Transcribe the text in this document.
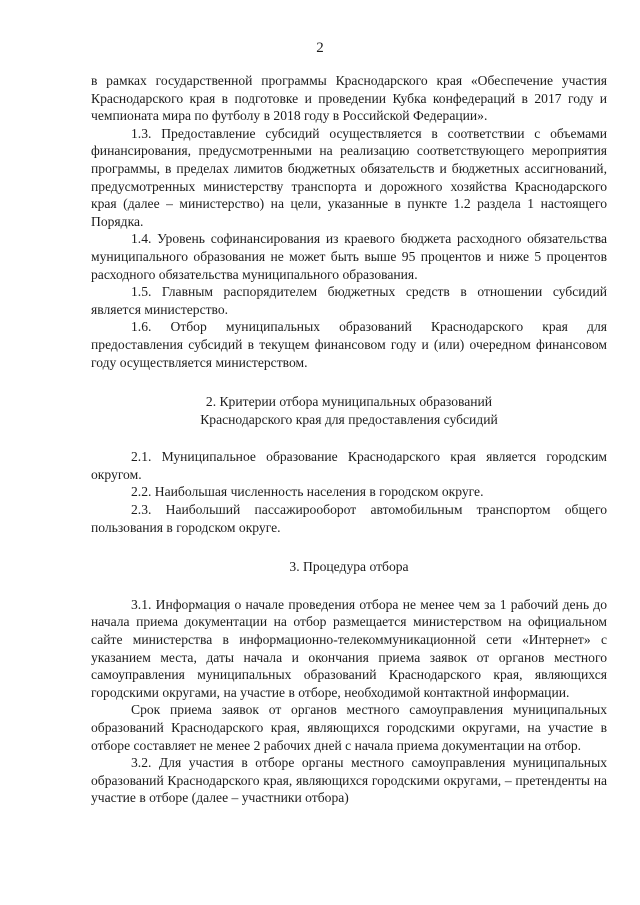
2

в рамках государственной программы Краснодарского края «Обеспечение участия Краснодарского края в подготовке и проведении Кубка конфедераций в 2017 году и чемпионата мира по футболу в 2018 году в Российской Федерации».

1.3. Предоставление субсидий осуществляется в соответствии с объемами финансирования, предусмотренными на реализацию соответствующего мероприятия программы, в пределах лимитов бюджетных обязательств и бюджетных ассигнований, предусмотренных министерству транспорта и дорожного хозяйства Краснодарского края (далее – министерство) на цели, указанные в пункте 1.2 раздела 1 настоящего Порядка.

1.4. Уровень софинансирования из краевого бюджета расходного обязательства муниципального образования не может быть выше 95 процентов и ниже 5 процентов расходного обязательства муниципального образования.

1.5. Главным распорядителем бюджетных средств в отношении субсидий является министерство.

1.6. Отбор муниципальных образований Краснодарского края для предоставления субсидий в текущем финансовом году и (или) очередном финансовом году осуществляется министерством.

2. Критерии отбора муниципальных образований

Краснодарского края для предоставления субсидий

2.1. Муниципальное образование Краснодарского края является городским округом.

2.2. Наибольшая численность населения в городском округе.

2.3. Наибольший пассажирооборот автомобильным транспортом общего пользования в городском округе.

3. Процедура отбора

3.1. Информация о начале проведения отбора не менее чем за 1 рабочий день до начала приема документации на отбор размещается министерством на официальном сайте министерства в информационно-телекоммуникационной сети «Интернет» с указанием места, даты начала и окончания приема заявок от органов местного самоуправления муниципальных образований Краснодарского края, являющихся городскими округами, на участие в отборе, необходимой контактной информации.

Срок приема заявок от органов местного самоуправления муниципальных образований Краснодарского края, являющихся городскими округами, на участие в отборе составляет не менее 2 рабочих дней с начала приема документации на отбор.

3.2. Для участия в отборе органы местного самоуправления муниципальных образований Краснодарского края, являющихся городскими округами, – претенденты на участие в отборе (далее – участники отбора)
